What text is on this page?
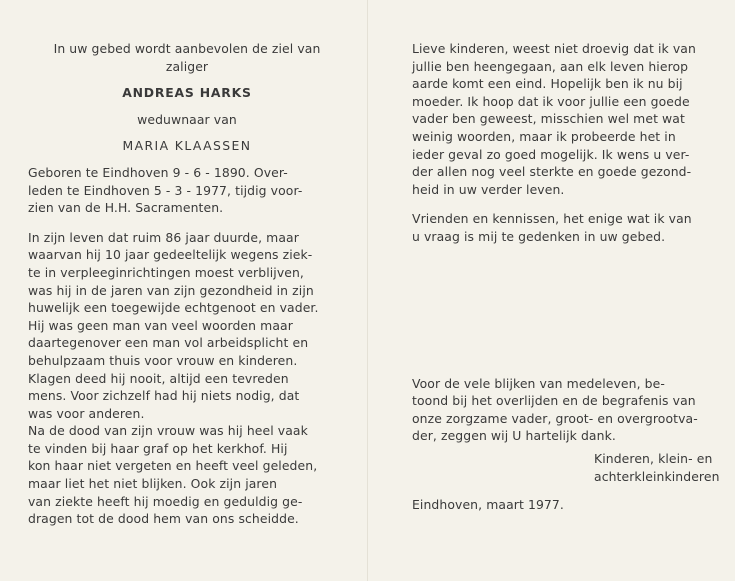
In uw gebed wordt aanbevolen de ziel van
zaliger
ANDREAS HARKS
weduwnaar van
MARIA KLAASSEN
Geboren te Eindhoven 9 - 6 - 1890. Over-
leden te Eindhoven 5 - 3 - 1977, tijdig voor-
zien van de H.H. Sacramenten.
In zijn leven dat ruim 86 jaar duurde, maar
waarvan hij 10 jaar gedeeltelijk wegens ziek-
te in verpleeginrichtingen moest verblijven,
was hij in de jaren van zijn gezondheid in zijn
huwelijk een toegewijde echtgenoot en vader.
Hij was geen man van veel woorden maar
daartegenover een man vol arbeidsplicht en
behulpzaam thuis voor vrouw en kinderen.
Klagen deed hij nooit, altijd een tevreden
mens. Voor zichzelf had hij niets nodig, dat
was voor anderen.
Na de dood van zijn vrouw was hij heel vaak
te vinden bij haar graf op het kerkhof. Hij
kon haar niet vergeten en heeft veel geleden,
maar liet het niet blijken. Ook zijn jaren
van ziekte heeft hij moedig en geduldig ge-
dragen tot de dood hem van ons scheidde.
Lieve kinderen, weest niet droevig dat ik van
jullie ben heengegaan, aan elk leven hierop
aarde komt een eind. Hopelijk ben ik nu bij
moeder. Ik hoop dat ik voor jullie een goede
vader ben geweest, misschien wel met wat
weinig woorden, maar ik probeerde het in
ieder geval zo goed mogelijk. Ik wens u ver-
der allen nog veel sterkte en goede gezond-
heid in uw verder leven.
Vrienden en kennissen, het enige wat ik van
u vraag is mij te gedenken in uw gebed.
Voor de vele blijken van medeleven, be-
toond bij het overlijden en de begrafenis van
onze zorgzame vader, groot- en overgrootva-
der, zeggen wij U hartelijk dank.
Kinderen, klein- en
achterkleinkinderen
Eindhoven, maart 1977.
